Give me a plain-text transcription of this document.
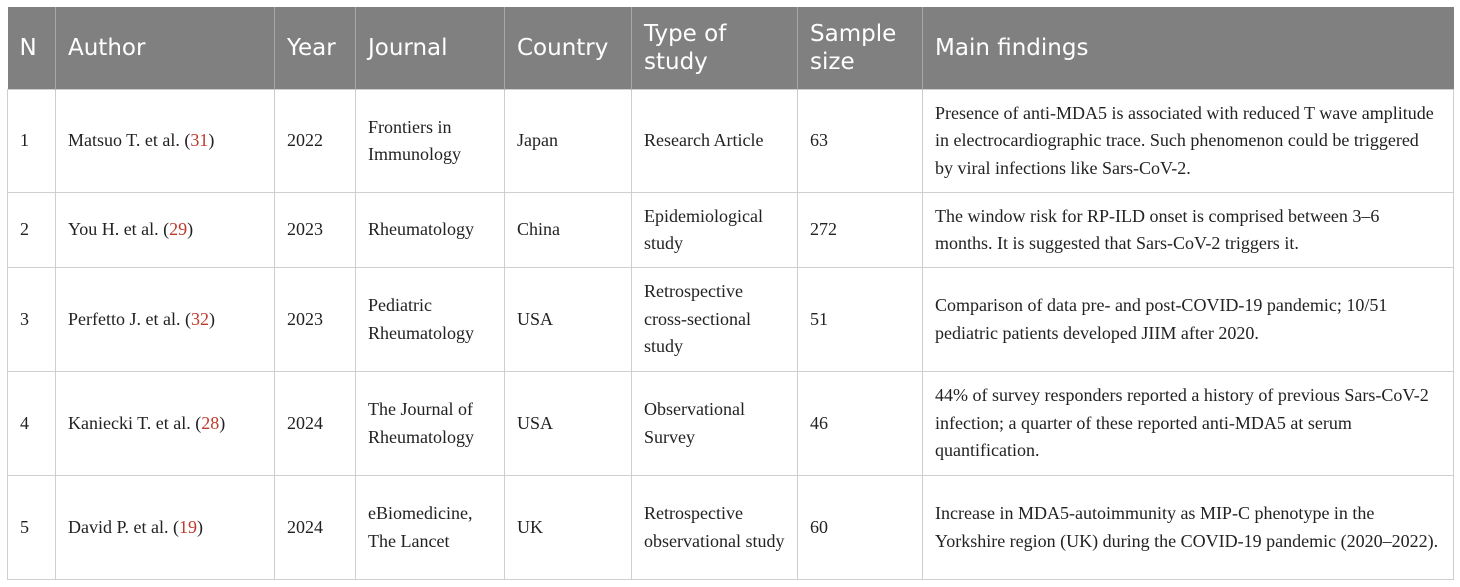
N	Author	Year	Journal	Country	Type of study	Sample size	Main findings
1	Matsuo T. et al. (31)	2022	Frontiers in Immunology	Japan	Research Article	63	Presence of anti-MDA5 is associated with reduced T wave amplitude in electrocardiographic trace. Such phenomenon could be triggered by viral infections like Sars-CoV-2.
2	You H. et al. (29)	2023	Rheumatology	China	Epidemiological study	272	The window risk for RP-ILD onset is comprised between 3–6 months. It is suggested that Sars-CoV-2 triggers it.
3	Perfetto J. et al. (32)	2023	Pediatric Rheumatology	USA	Retrospective cross-sectional study	51	Comparison of data pre- and post-COVID-19 pandemic; 10/51 pediatric patients developed JIIM after 2020.
4	Kaniecki T. et al. (28)	2024	The Journal of Rheumatology	USA	Observational Survey	46	44% of survey responders reported a history of previous Sars-CoV-2 infection; a quarter of these reported anti-MDA5 at serum quantification.
5	David P. et al. (19)	2024	eBiomedicine, The Lancet	UK	Retrospective observational study	60	Increase in MDA5-autoimmunity as MIP-C phenotype in the Yorkshire region (UK) during the COVID-19 pandemic (2020–2022).
